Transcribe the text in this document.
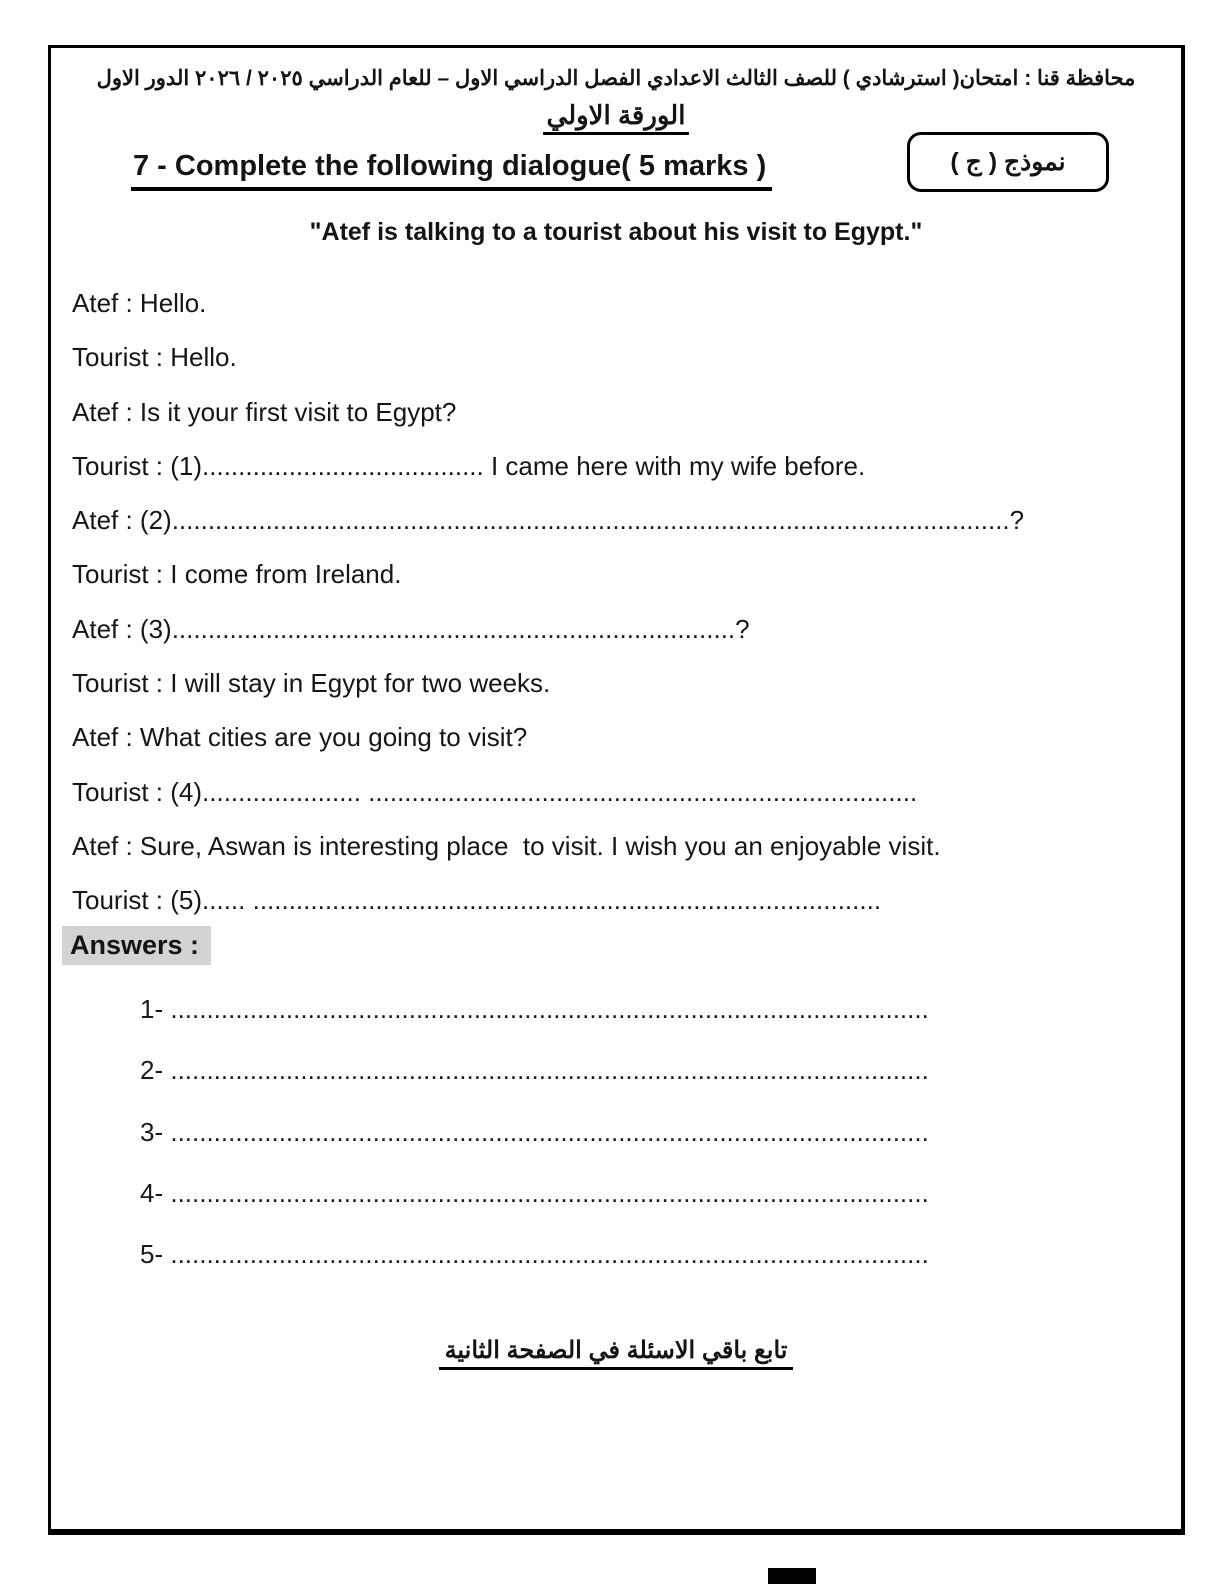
محافظة قنا : امتحان( استرشادي ) للصف الثالث الاعدادي الفصل الدراسي الاول – للعام الدراسي ٢٠٢٥ / ٢٠٢٦ الدور الاول
الورقة الاولي
7 - Complete the following dialogue( 5 marks )	نموذج ( ج )
"Atef is talking to a tourist about his visit to Egypt."

Atef : Hello.

Tourist : Hello.

Atef : Is it your first visit to Egypt?

Tourist : (1)....................................... I came here with my wife before.

Atef : (2)....................................................................................................................?

Tourist : I come from Ireland.

Atef : (3)..............................................................................?

Tourist : I will stay in Egypt for two weeks.

Atef : What cities are you going to visit?

Tourist : (4)...................... ............................................................................

Atef : Sure, Aswan is interesting place  to visit. I wish you an enjoyable visit.

Tourist : (5)...... .......................................................................................

Answers :

1- .........................................................................................................

2- .........................................................................................................

3- .........................................................................................................

4- .........................................................................................................

5- .........................................................................................................

تابع باقي الاسئلة في الصفحة الثانية
